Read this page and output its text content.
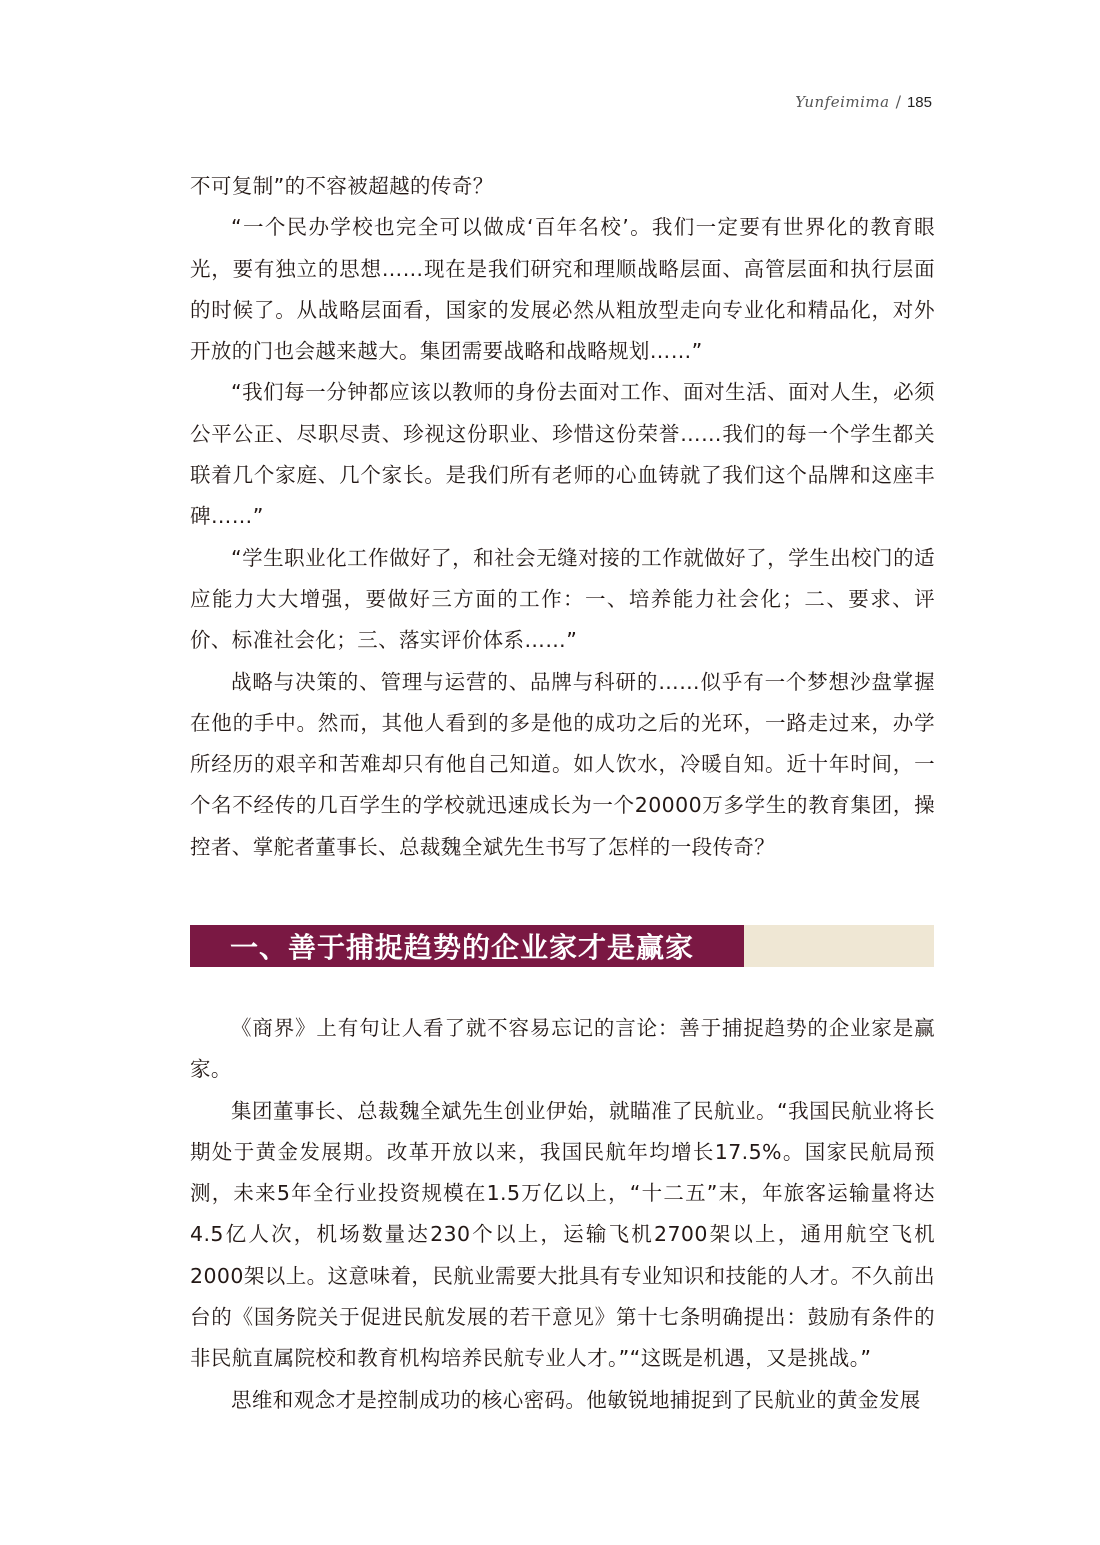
Yunfeimima / 185

不可复制”的不容被超越的传奇？

“一个民办学校也完全可以做成‘百年名校’。我们一定要有世界化的教育眼光，要有独立的思想……现在是我们研究和理顺战略层面、高管层面和执行层面的时候了。从战略层面看，国家的发展必然从粗放型走向专业化和精品化，对外开放的门也会越来越大。集团需要战略和战略规划……”

“我们每一分钟都应该以教师的身份去面对工作、面对生活、面对人生，必须公平公正、尽职尽责、珍视这份职业、珍惜这份荣誉……我们的每一个学生都关联着几个家庭、几个家长。是我们所有老师的心血铸就了我们这个品牌和这座丰碑……”

“学生职业化工作做好了，和社会无缝对接的工作就做好了，学生出校门的适应能力大大增强，要做好三方面的工作：一、培养能力社会化；二、要求、评价、标准社会化；三、落实评价体系……”

战略与决策的、管理与运营的、品牌与科研的……似乎有一个梦想沙盘掌握在他的手中。然而，其他人看到的多是他的成功之后的光环，一路走过来，办学所经历的艰辛和苦难却只有他自己知道。如人饮水，冷暖自知。近十年时间，一个名不经传的几百学生的学校就迅速成长为一个20000万多学生的教育集团，操控者、掌舵者董事长、总裁魏全斌先生书写了怎样的一段传奇？

一、善于捕捉趋势的企业家才是赢家

《商界》上有句让人看了就不容易忘记的言论：善于捕捉趋势的企业家是赢家。

集团董事长、总裁魏全斌先生创业伊始，就瞄准了民航业。“我国民航业将长期处于黄金发展期。改革开放以来，我国民航年均增长17.5%。国家民航局预测，未来5年全行业投资规模在1.5万亿以上，“十二五”末，年旅客运输量将达4.5亿人次，机场数量达230个以上，运输飞机2700架以上，通用航空飞机2000架以上。这意味着，民航业需要大批具有专业知识和技能的人才。不久前出台的《国务院关于促进民航发展的若干意见》第十七条明确提出：鼓励有条件的非民航直属院校和教育机构培养民航专业人才。”“这既是机遇，又是挑战。”

思维和观念才是控制成功的核心密码。他敏锐地捕捉到了民航业的黄金发展
